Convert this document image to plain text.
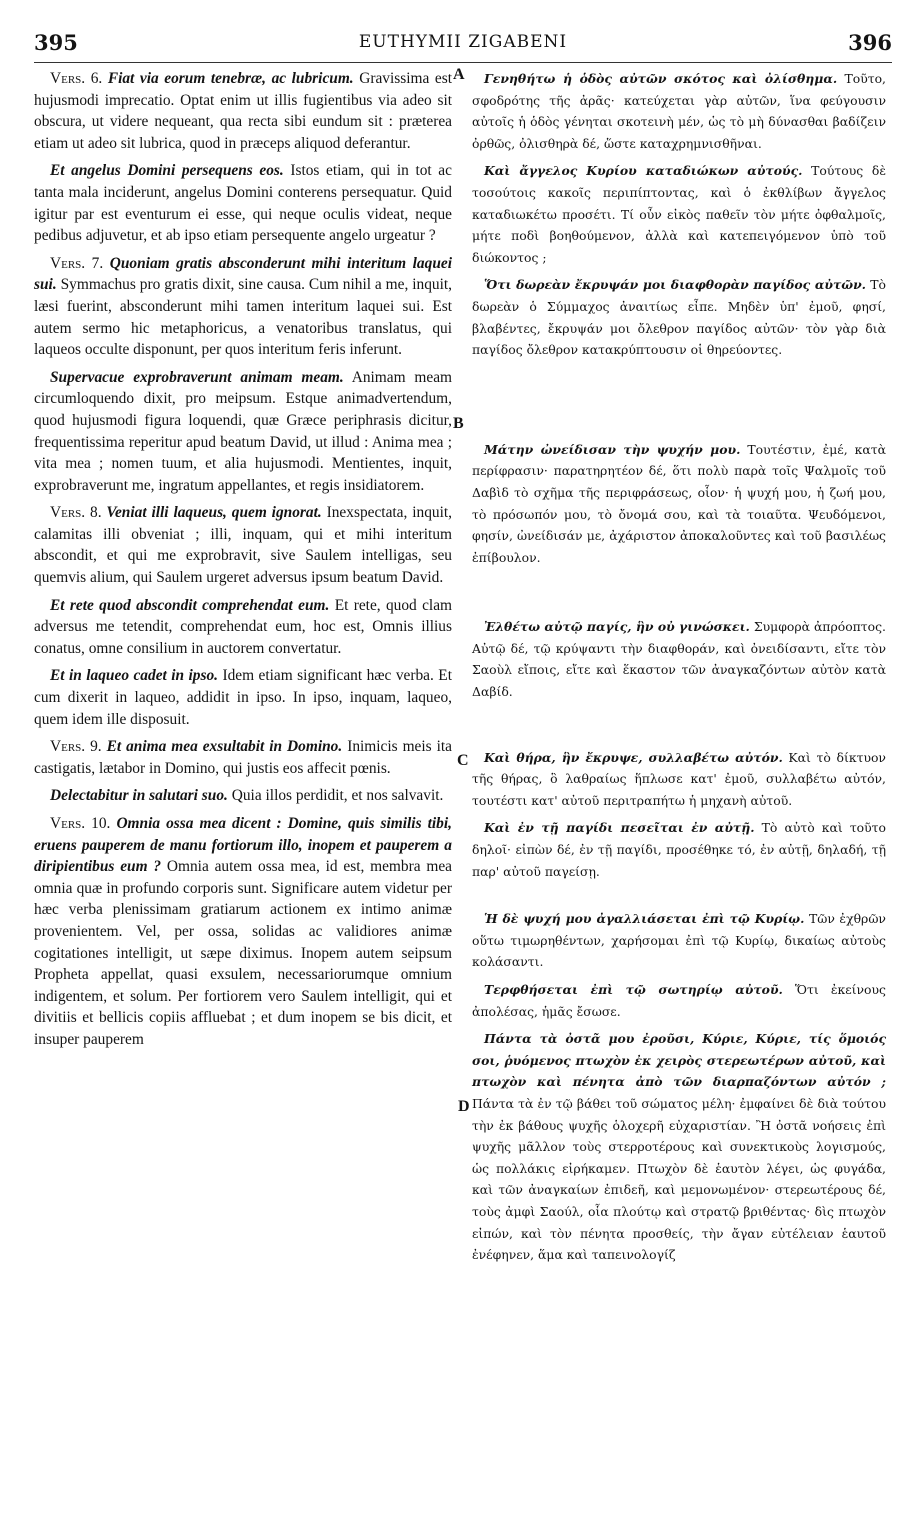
395	EUTHYMII ZIGABENI	396
A
B
C
D

Vers. 6. Fiat via eorum tenebræ, ac lubricum. Gravissima est hujusmodi imprecatio. Optat enim ut illis fugientibus via adeo sit obscura, ut videre nequeant, qua recta sibi eundum sit : præterea etiam ut adeo sit lubrica, quod in præceps aliquod deferantur.

Et angelus Domini persequens eos. Istos etiam, qui in tot ac tanta mala inciderunt, angelus Domini conterens persequatur. Quid igitur par est eventurum ei esse, qui neque oculis videat, neque pedibus adjuvetur, et ab ipso etiam persequente angelo urgeatur ?

Vers. 7. Quoniam gratis absconderunt mihi interitum laquei sui. Symmachus pro gratis dixit, sine causa. Cum nihil a me, inquit, læsi fuerint, absconderunt mihi tamen interitum laquei sui. Est autem sermo hic metaphoricus, a venatoribus translatus, qui laqueos occulte disponunt, per quos interitum feris inferunt.

Supervacue exprobraverunt animam meam. Animam meam circumloquendo dixit, pro meipsum. Estque animadvertendum, quod hujusmodi figura loquendi, quæ Græce periphrasis dicitur, frequentissima reperitur apud beatum David, ut illud : Anima mea ; vita mea ; nomen tuum, et alia hujusmodi. Mentientes, inquit, exprobraverunt me, ingratum appellantes, et regis insidiatorem.

Vers. 8. Veniat illi laqueus, quem ignorat. Inexspectata, inquit, calamitas illi obveniat ; illi, inquam, qui et mihi interitum abscondit, et qui me exprobravit, sive Saulem intelligas, seu quemvis alium, qui Saulem urgeret adversus ipsum beatum David.

Et rete quod abscondit comprehendat eum. Et rete, quod clam adversus me tetendit, comprehendat eum, hoc est, Omnis illius conatus, omne consilium in auctorem convertatur.

Et in laqueo cadet in ipso. Idem etiam significant hæc verba. Et cum dixerit in laqueo, addidit in ipso. In ipso, inquam, laqueo, quem idem ille disposuit.

Vers. 9. Et anima mea exsultabit in Domino. Inimicis meis ita castigatis, lætabor in Domino, qui justis eos affecit pœnis.

Delectabitur in salutari suo. Quia illos perdidit, et nos salvavit.

Vers. 10. Omnia ossa mea dicent : Domine, quis similis tibi, eruens pauperem de manu fortiorum illo, inopem et pauperem a diripientibus eum ? Omnia autem ossa mea, id est, membra mea omnia quæ in profundo corporis sunt. Significare autem videtur per hæc verba plenissimam gratiarum actionem ex intimo animæ provenientem. Vel, per ossa, solidas ac validiores animæ cogitationes intelligit, ut sæpe diximus. Inopem autem seipsum Propheta appellat, quasi exsulem, necessariorumque omnium indigentem, et solum. Per fortiorem vero Saulem intelligit, qui et divitiis et bellicis copiis affluebat ; et dum inopem se bis dicit, et insuper pauperem

Γενηθήτω ἡ ὁδὸς αὐτῶν σκότος καὶ ὀλίσθημα. Τοῦτο, σφοδρότης τῆς ἀρᾶς· κατεύχεται γὰρ αὐτῶν, ἵνα φεύγουσιν αὐτοῖς ἡ ὁδὸς γένηται σκοτεινὴ μέν, ὡς τὸ μὴ δύνασθαι βαδίζειν ὀρθῶς, ὀλισθηρὰ δέ, ὥστε καταχρημνισθῆναι.

Καὶ ἄγγελος Κυρίου καταδιώκων αὐτούς. Τούτους δὲ τοσούτοις κακοῖς περιπίπτοντας, καὶ ὁ ἐκθλίβων ἄγγελος καταδιωκέτω προσέτι. Τί οὖν εἰκὸς παθεῖν τὸν μήτε ὀφθαλμοῖς, μήτε ποδὶ βοηθούμενον, ἀλλὰ καὶ κατεπειγόμενον ὑπὸ τοῦ διώκοντος ;

Ὅτι δωρεὰν ἔκρυψάν μοι διαφθορὰν παγίδος αὐτῶν. Τὸ δωρεὰν ὁ Σύμμαχος ἀναιτίως εἶπε. Μηδὲν ὑπ' ἐμοῦ, φησί, βλαβέντες, ἔκρυψάν μοι ὄλεθρον παγίδος αὐτῶν· τὸν γὰρ διὰ παγίδος ὄλεθρον κατακρύπτουσιν οἱ θηρεύοντες.

Μάτην ὠνείδισαν τὴν ψυχήν μου. Τουτέστιν, ἐμέ, κατὰ περίφρασιν· παρατηρητέον δέ, ὅτι πολὺ παρὰ τοῖς Ψαλμοῖς τοῦ Δαβὶδ τὸ σχῆμα τῆς περιφράσεως, οἷον· ἡ ψυχή μου, ἡ ζωή μου, τὸ πρόσωπόν μου, τὸ ὄνομά σου, καὶ τὰ τοιαῦτα. Ψευδόμενοι, φησίν, ὠνείδισάν με, ἀχάριστον ἀποκαλοῦντες καὶ τοῦ βασιλέως ἐπίβουλον.

Ἐλθέτω αὐτῷ παγίς, ἣν οὐ γινώσκει. Συμφορὰ ἀπρόοπτος. Αὐτῷ δέ, τῷ κρύψαντι τὴν διαφθοράν, καὶ ὀνειδίσαντι, εἴτε τὸν Σαοὺλ εἴποις, εἴτε καὶ ἕκαστον τῶν ἀναγκαζόντων αὐτὸν κατὰ Δαβίδ.

Καὶ θήρα, ἣν ἔκρυψε, συλλαβέτω αὐτόν. Καὶ τὸ δίκτυον τῆς θήρας, ὃ λαθραίως ἥπλωσε κατ' ἐμοῦ, συλλαβέτω αὐτόν, τουτέστι κατ' αὐτοῦ περιτραπήτω ἡ μηχανὴ αὐτοῦ.

Καὶ ἐν τῇ παγίδι πεσεῖται ἐν αὐτῇ. Τὸ αὐτὸ καὶ τοῦτο δηλοῖ· εἰπὼν δέ, ἐν τῇ παγίδι, προσέθηκε τό, ἐν αὐτῇ, δηλαδή, τῇ παρ' αὐτοῦ παγείσῃ.

Ἡ δὲ ψυχή μου ἀγαλλιάσεται ἐπὶ τῷ Κυρίῳ. Τῶν ἐχθρῶν οὕτω τιμωρηθέντων, χαρήσομαι ἐπὶ τῷ Κυρίῳ, δικαίως αὐτοὺς κολάσαντι.

Τερφθήσεται ἐπὶ τῷ σωτηρίῳ αὐτοῦ. Ὅτι ἐκείνους ἀπολέσας, ἡμᾶς ἔσωσε.

Πάντα τὰ ὀστᾶ μου ἐροῦσι, Κύριε, Κύριε, τίς ὅμοιός σοι, ῥυόμενος πτωχὸν ἐκ χειρὸς στερεωτέρων αὐτοῦ, καὶ πτωχὸν καὶ πένητα ἀπὸ τῶν διαρπαζόντων αὐτόν ; Πάντα τὰ ἐν τῷ βάθει τοῦ σώματος μέλη· ἐμφαίνει δὲ διὰ τούτου τὴν ἐκ βάθους ψυχῆς ὁλοχερῆ εὐχαριστίαν. Ἢ ὀστᾶ νοήσεις ἐπὶ ψυχῆς μᾶλλον τοὺς στερροτέρους καὶ συνεκτικοὺς λογισμούς, ὡς πολλάκις εἰρήκαμεν. Πτωχὸν δὲ ἑαυτὸν λέγει, ὡς φυγάδα, καὶ τῶν ἀναγκαίων ἐπιδεῆ, καὶ μεμονωμένον· στερεωτέρους δέ, τοὺς ἀμφὶ Σαούλ, οἷα πλούτῳ καὶ στρατῷ βριθέντας· δὶς πτωχὸν εἰπών, καὶ τὸν πένητα προσθείς, τὴν ἄγαν εὐτέλειαν ἑαυτοῦ ἐνέφηνεν, ἅμα καὶ ταπεινολογίζ
